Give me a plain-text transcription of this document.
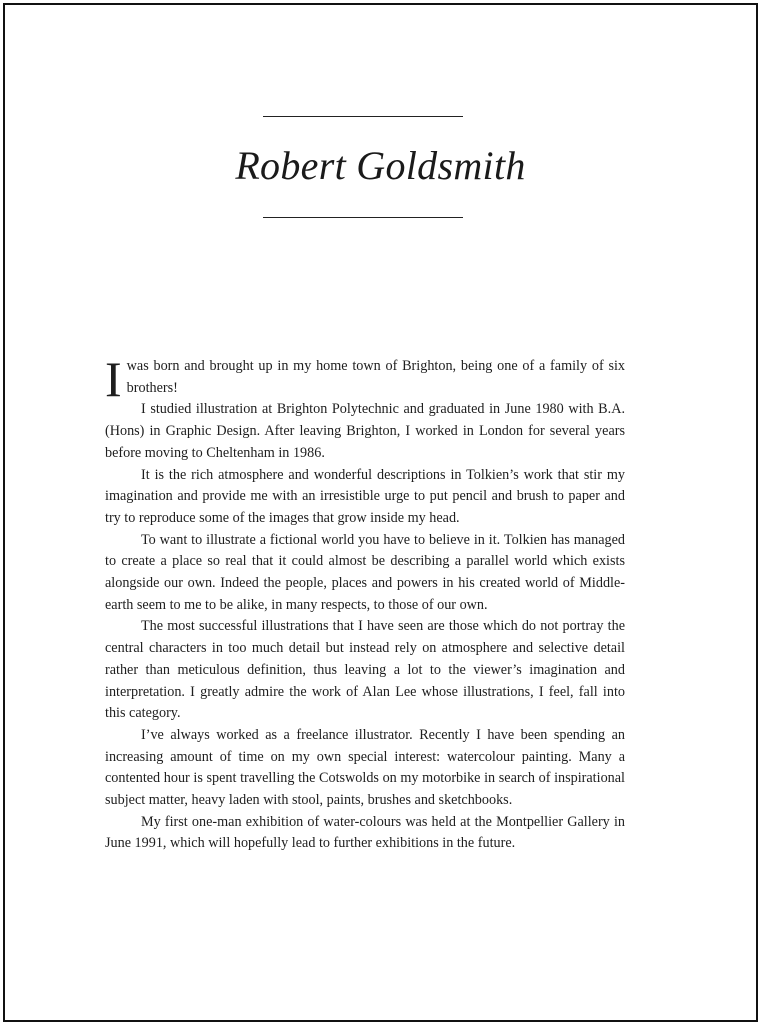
Robert Goldsmith

Iwas born and brought up in my home town of Brighton, being one of a family of six brothers!

I studied illustration at Brighton Polytechnic and graduated in June 1980 with B.A. (Hons) in Graphic Design. After leaving Brighton, I worked in London for several years before moving to Cheltenham in 1986.

It is the rich atmosphere and wonderful descriptions in Tolkien’s work that stir my imagination and provide me with an irresistible urge to put pencil and brush to paper and try to reproduce some of the images that grow inside my head.

To want to illustrate a fictional world you have to believe in it. Tolkien has managed to create a place so real that it could almost be describing a parallel world which exists alongside our own. Indeed the people, places and powers in his created world of Middle-earth seem to me to be alike, in many respects, to those of our own.

The most successful illustrations that I have seen are those which do not portray the central characters in too much detail but instead rely on atmosphere and selective detail rather than meticulous definition, thus leaving a lot to the viewer’s imagination and interpretation. I greatly admire the work of Alan Lee whose illustrations, I feel, fall into this category.

I’ve always worked as a freelance illustrator. Recently I have been spending an increasing amount of time on my own special interest: watercolour painting. Many a contented hour is spent travelling the Cotswolds on my motorbike in search of inspirational subject matter, heavy laden with stool, paints, brushes and sketchbooks.

My first one-man exhibition of water-colours was held at the Montpellier Gallery in June 1991, which will hopefully lead to further exhibitions in the future.
